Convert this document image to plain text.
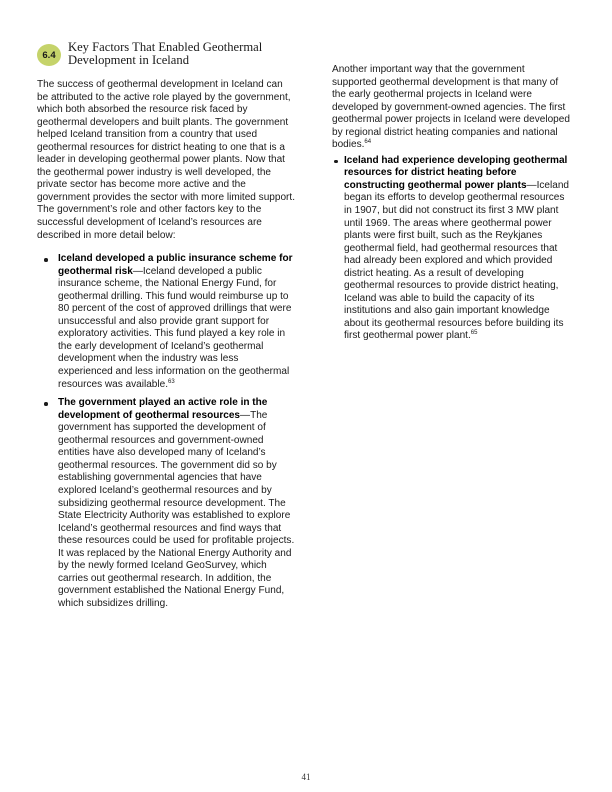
6.4
Key Factors That Enabled Geothermal
Development in Iceland

The success of geothermal development in Iceland can be attributed to the active role played by the government, which both absorbed the resource risk faced by geothermal developers and built plants. The government helped Iceland transition from a country that used geothermal resources for district heating to one that is a leader in developing geothermal power plants. Now that the geothermal power industry is well developed, the private sector has become more active and the government provides the sector with more limited support. The government’s role and other factors key to the successful development of Iceland’s resources are described in more detail below:

Iceland developed a public insurance scheme for geothermal risk—Iceland developed a public insurance scheme, the National Energy Fund, for geothermal drilling. This fund would reimburse up to 80 percent of the cost of approved drillings that were unsuccessful and also provide grant support for exploratory activities. This fund played a key role in the early development of Iceland’s geothermal development when the industry was less experienced and less information on the geothermal resources was available.$^{63}$
The government played an active role in the development of geothermal resources—The government has supported the development of geothermal resources and government-owned entities have also developed many of Iceland’s geothermal resources. The government did so by establishing governmental agencies that have explored Iceland’s geothermal resources and by subsidizing geothermal resource development. The State Electricity Authority was established to explore Iceland’s geothermal resources and find ways that these resources could be used for profitable projects. It was replaced by the National Energy Authority and by the newly formed Iceland GeoSurvey, which carries out geothermal research. In addition, the government established the National Energy Fund, which subsidizes drilling.

Another important way that the government supported geothermal development is that many of the early geothermal projects in Iceland were developed by government-owned agencies. The first geothermal power projects in Iceland were developed by regional district heating companies and national bodies.$^{64}$

Iceland had experience developing geothermal resources for district heating before constructing geothermal power plants—Iceland began its efforts to develop geothermal resources in 1907, but did not construct its first 3 MW plant until 1969. The areas where geothermal power plants were first built, such as the Reykjanes geothermal field, had geothermal resources that had already been explored and which provided district heating. As a result of developing geothermal resources to provide district heating, Iceland was able to build the capacity of its institutions and also gain important knowledge about its geothermal resources before building its first geothermal power plant.$^{65}$
41
